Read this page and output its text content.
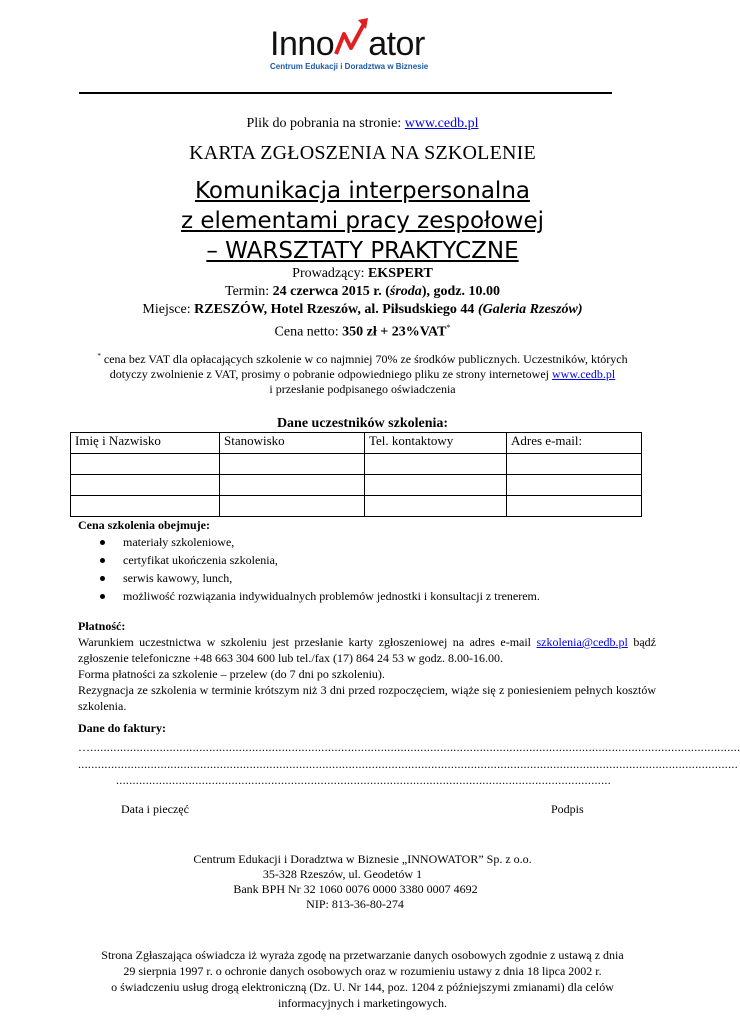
Inno ator
Centrum Edukacji i Doradztwa w Biznesie
Plik do pobrania na stronie: www.cedb.pl
KARTA ZGŁOSZENIA NA SZKOLENIE
Komunikacja interpersonalna
z elementami pracy zespołowej
– WARSZTATY PRAKTYCZNE
Prowadzący: EKSPERT
Termin: 24 czerwca 2015 r. (środa), godz. 10.00
Miejsce: RZESZÓW, Hotel Rzeszów, al. Piłsudskiego 44 (Galeria Rzeszów)
Cena netto: 350 zł + 23%VAT*
* cena bez VAT dla opłacających szkolenie w co najmniej 70% ze środków publicznych. Uczestników, których
dotyczy zwolnienie z VAT, prosimy o pobranie odpowiedniego pliku ze strony internetowej www.cedb.pl
i przesłanie podpisanego oświadczenia
Dane uczestników szkolenia:
Imię i Nazwisko	Stanowisko	Tel. kontaktowy	Adres e-mail:

Cena szkolenia obejmuje:
materiały szkoleniowe,
certyfikat ukończenia szkolenia,
serwis kawowy, lunch,
możliwość rozwiązania indywidualnych problemów jednostki i konsultacji z trenerem.
Płatność:
Warunkiem uczestnictwa w szkoleniu jest przesłanie karty zgłoszeniowej na adres e-mail szkolenia@cedb.pl bądź zgłoszenie telefoniczne +48 663 304 600 lub tel./fax (17) 864 24 53 w godz. 8.00-16.00.
Forma płatności za szkolenie – przelew (do 7 dni po szkoleniu).
Rezygnacja ze szkolenia w terminie krótszym niż 3 dni przed rozpoczęciem, wiąże się z poniesieniem pełnych kosztów szkolenia.
Dane do faktury:
….....................................................................................................................................................................................................
........................................................................................................................................................................................................
......................................................................................................................................................
Data i pieczęć	Podpis
Centrum Edukacji i Doradztwa w Biznesie „INNOWATOR” Sp. z o.o.
35-328 Rzeszów, ul. Geodetów 1
Bank BPH Nr 32 1060 0076 0000 3380 0007 4692
NIP: 813-36-80-274
Strona Zgłaszająca oświadcza iż wyraża zgodę na przetwarzanie danych osobowych zgodnie z ustawą z dnia
29 sierpnia 1997 r. o ochronie danych osobowych oraz w rozumieniu ustawy z dnia 18 lipca 2002 r.
o świadczeniu usług drogą elektroniczną (Dz. U. Nr 144, poz. 1204 z późniejszymi zmianami) dla celów
informacyjnych i marketingowych.
